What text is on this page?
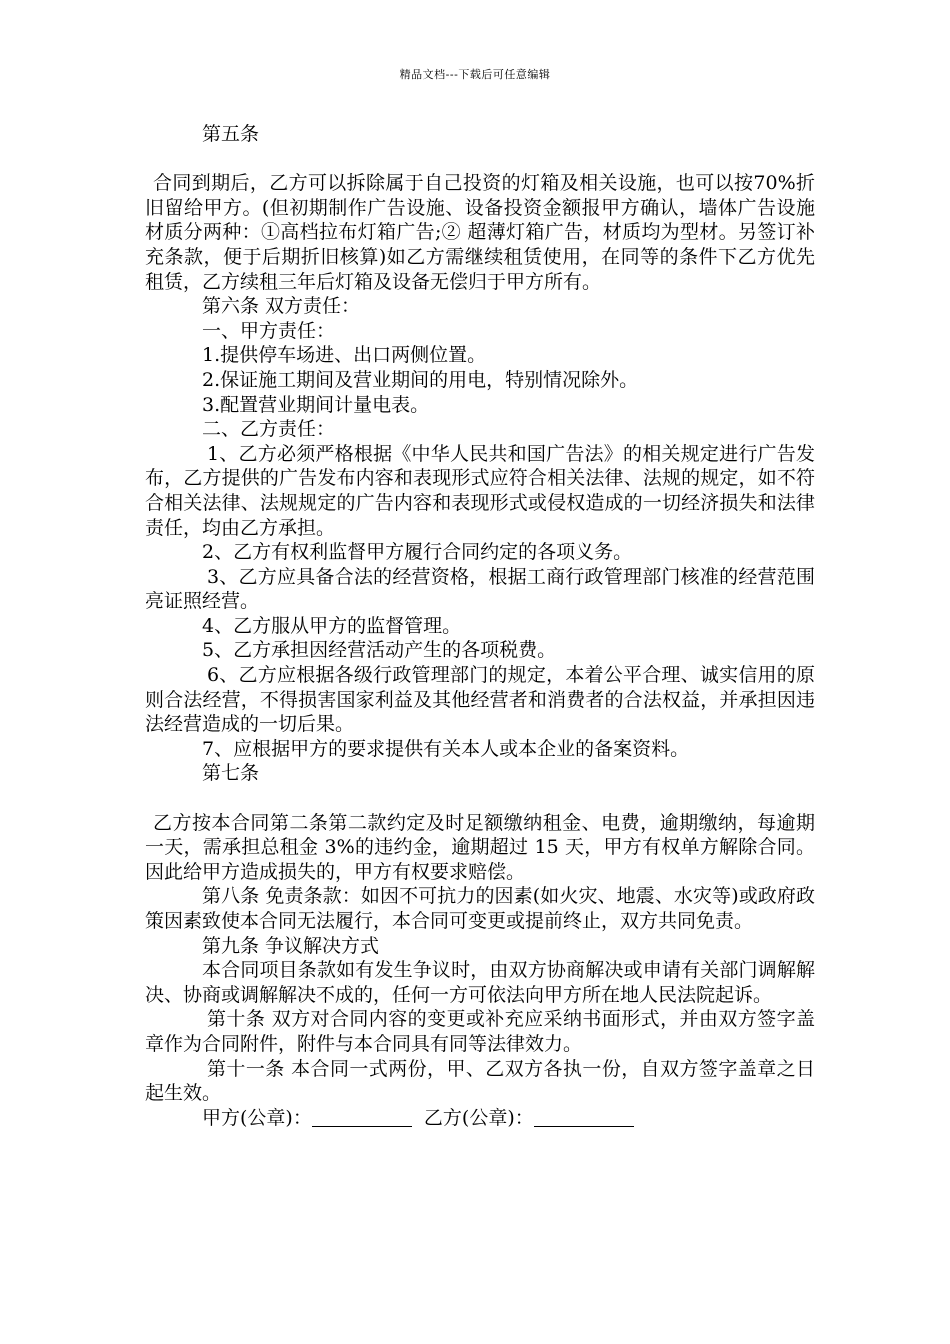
精品文档---下载后可任意编辑

第五条

合同到期后，乙方可以拆除属于自己投资的灯箱及相关设施，也可以按70%折旧留给甲方。(但初期制作广告设施、设备投资金额报甲方确认，墙体广告设施材质分两种：①高档拉布灯箱广告;② 超薄灯箱广告，材质均为型材。另签订补充条款，便于后期折旧核算)如乙方需继续租赁使用，在同等的条件下乙方优先租赁，乙方续租三年后灯箱及设备无偿归于甲方所有。

第六条 双方责任：

一、甲方责任：

1.提供停车场进、出口两侧位置。

2.保证施工期间及营业期间的用电，特别情况除外。

3.配置营业期间计量电表。

二、乙方责任：

1、乙方必须严格根据《中华人民共和国广告法》的相关规定进行广告发布，乙方提供的广告发布内容和表现形式应符合相关法律、法规的规定，如不符合相关法律、法规规定的广告内容和表现形式或侵权造成的一切经济损失和法律责任，均由乙方承担。

2、乙方有权利监督甲方履行合同约定的各项义务。

3、乙方应具备合法的经营资格，根据工商行政管理部门核准的经营范围亮证照经营。

4、乙方服从甲方的监督管理。

5、乙方承担因经营活动产生的各项税费。

6、乙方应根据各级行政管理部门的规定，本着公平合理、诚实信用的原则合法经营，不得损害国家利益及其他经营者和消费者的合法权益，并承担因违法经营造成的一切后果。

7、应根据甲方的要求提供有关本人或本企业的备案资料。

第七条

乙方按本合同第二条第二款约定及时足额缴纳租金、电费，逾期缴纳，每逾期一天，需承担总租金 3%的违约金，逾期超过 15 天，甲方有权单方解除合同。因此给甲方造成损失的，甲方有权要求赔偿。

第八条 免责条款：如因不可抗力的因素(如火灾、地震、水灾等)或政府政策因素致使本合同无法履行，本合同可变更或提前终止，双方共同免责。

第九条 争议解决方式

本合同项目条款如有发生争议时，由双方协商解决或申请有关部门调解解决、协商或调解解决不成的，任何一方可依法向甲方所在地人民法院起诉。

第十条 双方对合同内容的变更或补充应采纳书面形式，并由双方签字盖章作为合同附件，附件与本合同具有同等法律效力。

第十一条 本合同一式两份，甲、乙双方各执一份，自双方签字盖章之日起生效。

甲方(公章)：	乙方(公章)：
